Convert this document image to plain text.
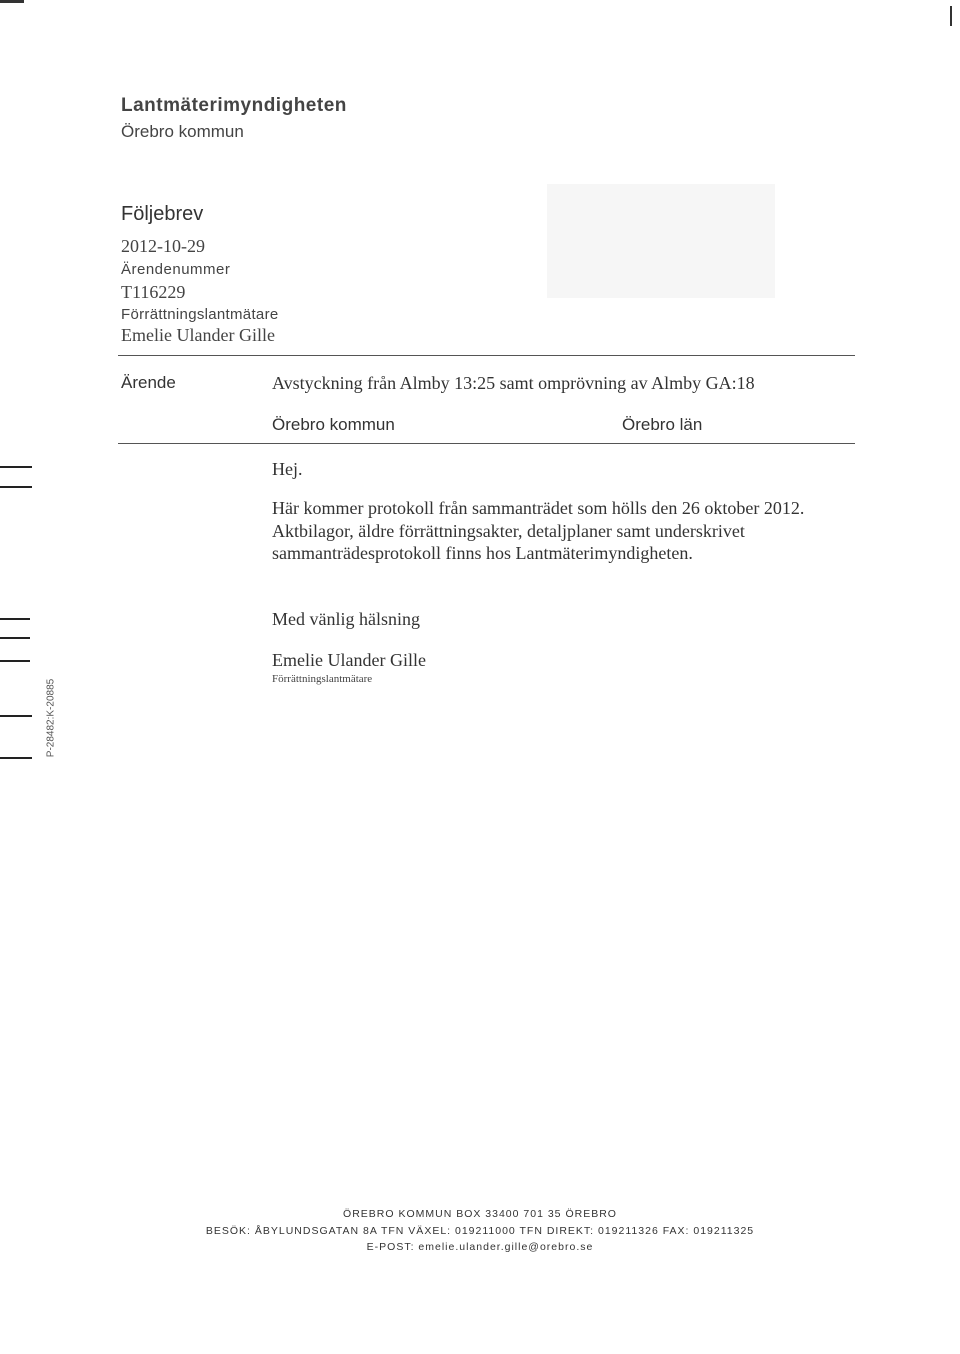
Lantmäterimyndigheten
Örebro kommun
Följebrev
2012-10-29
Ärendenummer
T116229
Förrättningslantmätare
Emelie Ulander Gille
Ärende	Avstyckning från Almby 13:25 samt omprövning av Almby GA:18
Örebro kommun	Örebro län
Hej.
Här kommer protokoll från sammanträdet som hölls den 26 oktober 2012. Aktbilagor, äldre förrättningsakter, detaljplaner samt underskrivet sammanträdesprotokoll finns hos Lantmäterimyndigheten.
Med vänlig hälsning
Emelie Ulander Gille
Förrättningslantmätare
P-28482:K-20885
ÖREBRO KOMMUN BOX 33400 701 35 ÖREBRO
BESÖK: ÅBYLUNDSGATAN 8A TFN VÄXEL: 019211000 TFN DIREKT: 019211326 FAX: 019211325
E-POST: emelie.ulander.gille@orebro.se
